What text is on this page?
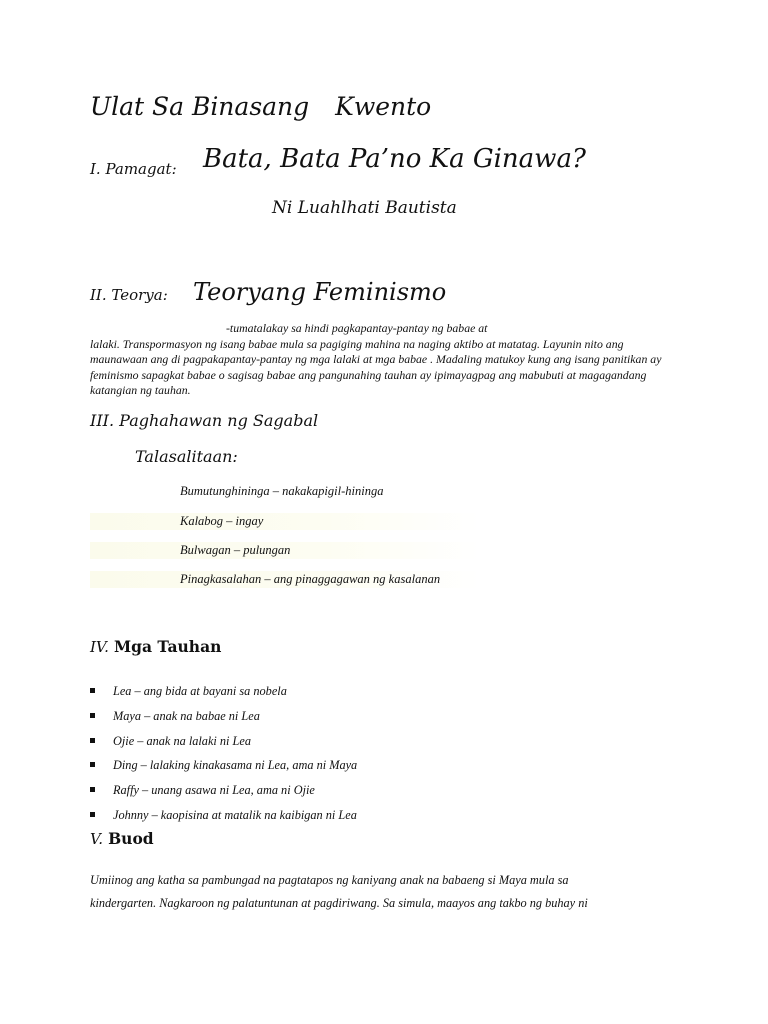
Ulat Sa Binasang Kwento
I. Pamagat: Bata, Bata Pa’no Ka Ginawa?
Ni Luahlhati Bautista
II. Teorya: Teoryang Feminismo
-tumatalakay sa hindi pagkapantay-pantay ng babae at
lalaki. Transpormasyon ng isang babae mula sa pagiging mahina na naging aktibo at matatag. Layunin nito ang maunawaan ang di pagpakapantay-pantay ng mga lalaki at mga babae . Madaling matukoy kung ang isang panitikan ay feminismo sapagkat babae o sagisag babae ang pangunahing tauhan ay ipimayagpag ang mabubuti at magagandang katangian ng tauhan.
III. Paghahawan ng Sagabal
Talasalitaan:
Bumutunghininga – nakakapigil-hininga
Kalabog – ingay
Bulwagan – pulungan
Pinagkasalahan – ang pinaggagawan ng kasalanan
IV. Mga Tauhan
Lea – ang bida at bayani sa nobela
Maya – anak na babae ni Lea
Ojie – anak na lalaki ni Lea
Ding – lalaking kinakasama ni Lea, ama ni Maya
Raffy – unang asawa ni Lea, ama ni Ojie
Johnny – kaopisina at matalik na kaibigan ni Lea
V. Buod
Umiinog ang katha sa pambungad na pagtatapos ng kaniyang anak na babaeng si Maya mula sa
kindergarten. Nagkaroon ng palatuntunan at pagdiriwang. Sa simula, maayos ang takbo ng buhay ni
